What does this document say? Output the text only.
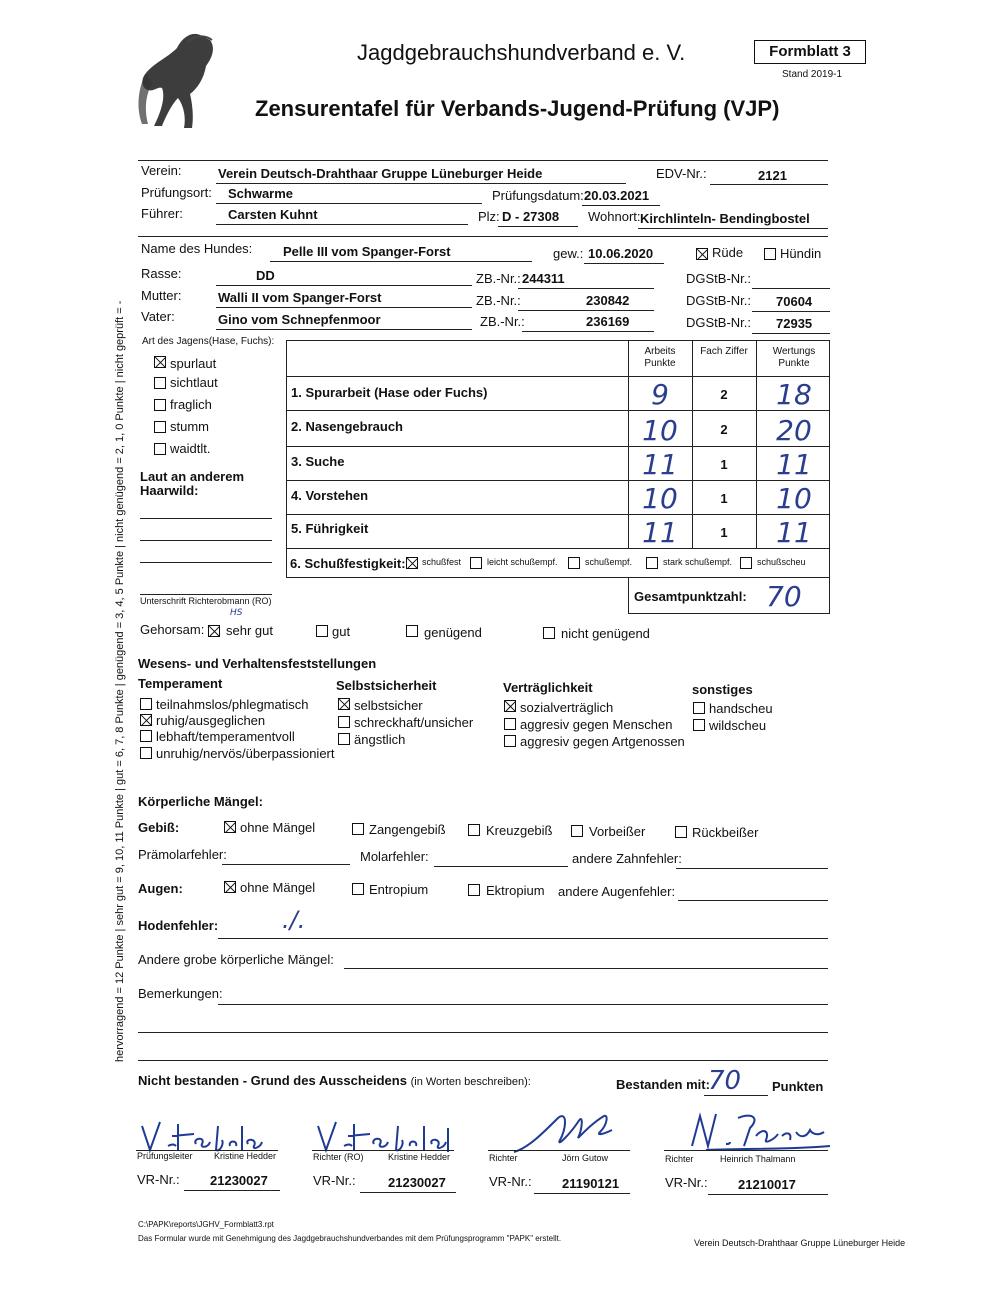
Jagdgebrauchshundverband e. V.	Formblatt 3
Stand 2019-1
Zensurentafel für Verbands-Jugend-Prüfung (VJP)
hervorragend = 12 Punkte | sehr gut = 9, 10, 11 Punkte | gut = 6, 7, 8 Punkte | genügend = 3, 4, 5 Punkte | nicht genügend = 2, 1, 0 Punkte | nicht geprüft = -
Verein:	Verein Deutsch-Drahthaar Gruppe Lüneburger Heide	EDV-Nr.:	2121
Prüfungsort: Schwarme	Prüfungsdatum: 20.03.2021
Führer:	Carsten Kuhnt	Plz: D - 27308 Wohnort: Kirchlinteln- Bendingbostel
Name des Hundes: Pelle III vom Spanger-Forst	gew.: 10.06.2020	Rüde	Hündin
Rasse:	DD	ZB.-Nr.: 244311	DGStB-Nr.:
Mutter:	Walli II vom Spanger-Forst	ZB.-Nr.:	230842	DGStB-Nr.: 70604
Vater:	Gino vom Schnepfenmoor	ZB.-Nr.:	236169	DGStB-Nr.: 72935
Art des Jagens(Hase, Fuchs):
spurlaut
sichtlaut
fraglich
stumm
waidtlt.
Laut an anderem Haarwild:
Unterschrift Richterobmann (RO)
Arbeits Punkte
Fach Ziffer	Wertungs Punkte
1. Spurarbeit (Hase oder Fuchs)	9	2	18
2. Nasengebrauch	10	2	20
3. Suche	11	1	11
4. Vorstehen	10	1	10
5. Führigkeit	11	1	11
6. Schußfestigkeit: schußfest	leicht schußempf.	schußempf.	stark schußempf.	schußscheu
Gesamtpunktzahl: 70
Gehorsam:
HS
sehr gut	gut	genügend	nicht genügend
Wesens- und Verhaltensfeststellungen
Temperament
teilnahmslos/phlegmatisch
ruhig/ausgeglichen
lebhaft/temperamentvoll
unruhig/nervös/überpassioniert
Selbstsicherheit
selbstsicher
schreckhaft/unsicher
ängstlich
Verträglichkeit
sozialverträglich
aggresiv gegen Menschen
aggresiv gegen Artgenossen
sonstiges
handscheu
wildscheu
Körperliche Mängel:
Gebiß:	ohne Mängel	Zangengebiß	Kreuzgebiß	Vorbeißer	Rückbeißer
Prämolarfehler:	Molarfehler:	andere Zahnfehler:
Augen:	ohne Mängel	Entropium	Ektropium andere Augenfehler:
Hodenfehler:	./.
Andere grobe körperliche Mängel:
Bemerkungen:
Nicht bestanden - Grund des Ausscheidens (in Worten beschreiben):	Bestanden mit:
70 Punkten
Prüfungsleiter Kristine Hedder
VR-Nr.: 21230027
Richter (RO)	Kristine Hedder
VR-Nr.: 21230027
Richter	Jörn Gutow
VR-Nr.: 21190121
Richter	Heinrich Thalmann
VR-Nr.: 21210017
C:\PAPK\reports\JGHV_Formblatt3.rpt
Das Formular wurde mit Genehmigung des Jagdgebrauchshundverbandes mit dem Prüfungsprogramm "PAPK" erstellt.	Verein Deutsch-Drahthaar Gruppe Lüneburger Heide
